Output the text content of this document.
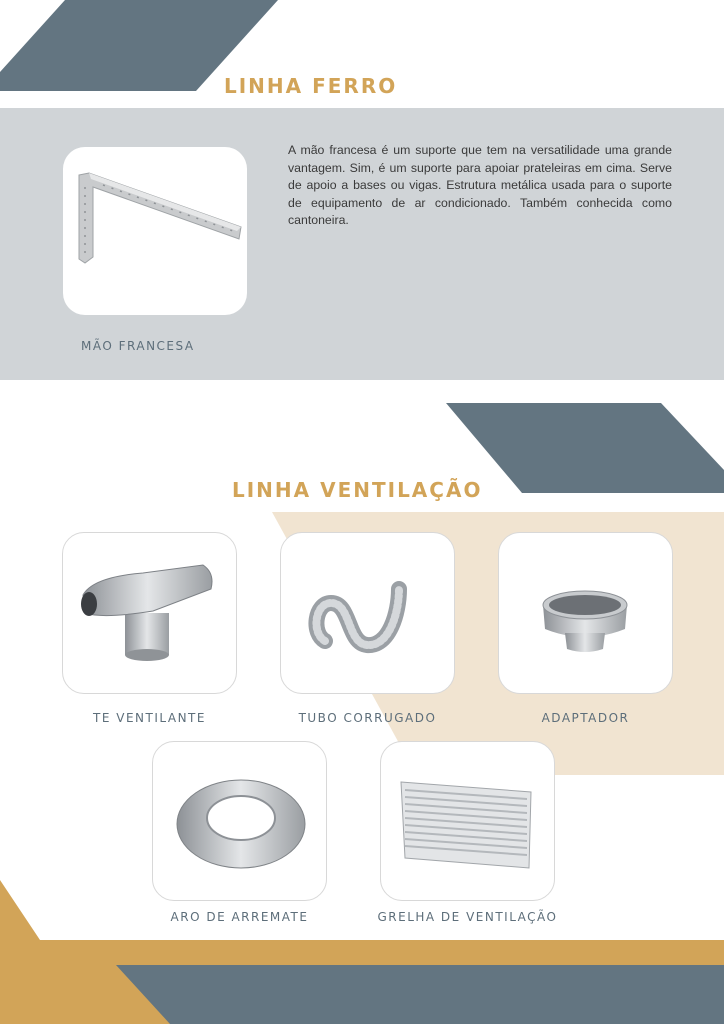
LINHA FERRO
MÃO FRANCESA
A mão francesa é um suporte que tem na versatilidade uma grande vantagem. Sim, é um suporte para apoiar prateleiras em cima. Serve de apoio a bases ou vigas. Estrutura metálica usada para o suporte de equipamento de ar condicionado. Também conhecida como cantoneira.
LINHA VENTILAÇÃO
TE VENTILANTE	TUBO CORRUGADO	ADAPTADOR
ARO DE ARREMATE	GRELHA DE VENTILAÇÃO
